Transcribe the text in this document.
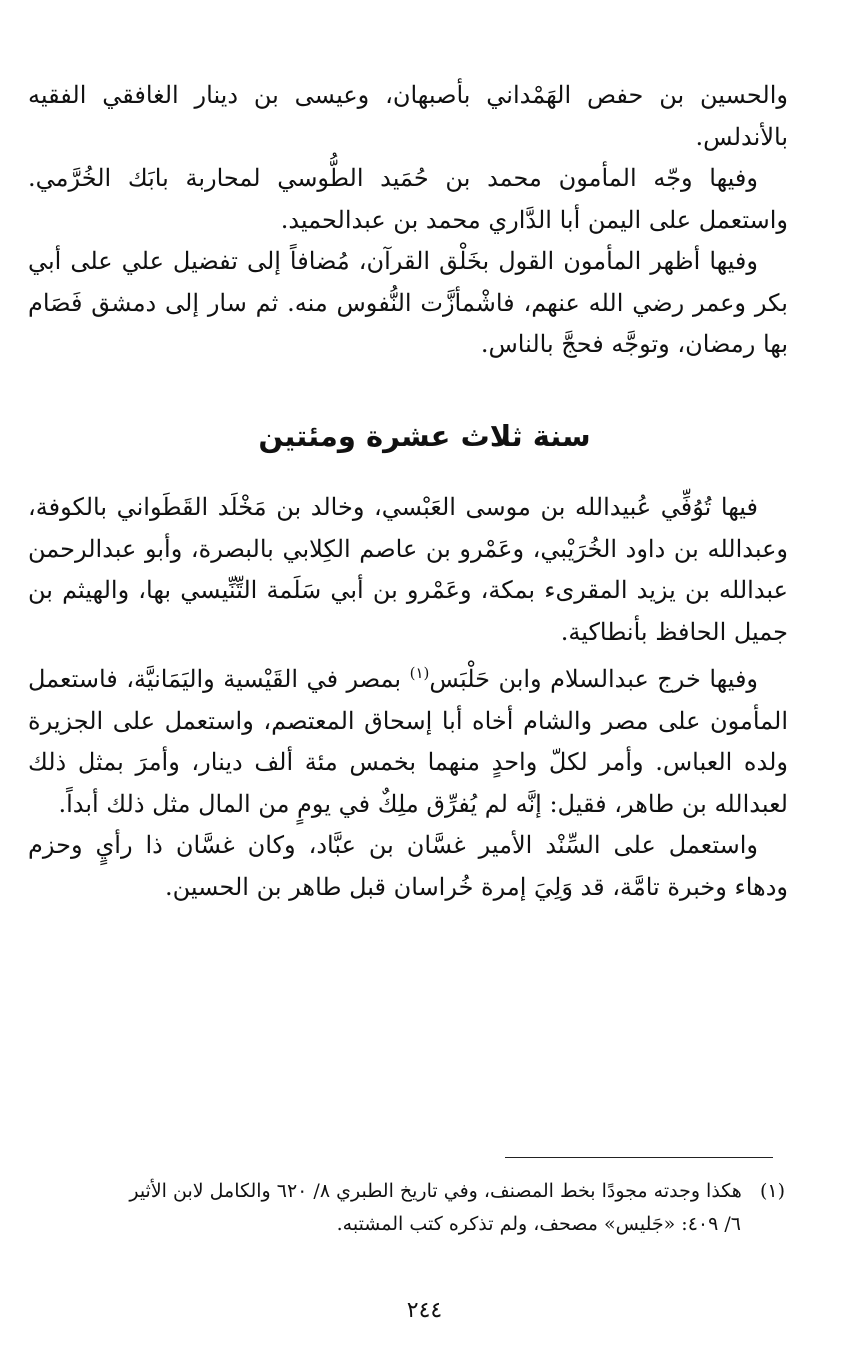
والحسين بن حفص الهَمْداني بأصبهان، وعيسى بن دينار الغافقي الفقيه بالأندلس.

وفيها وجّه المأمون محمد بن حُمَيد الطُّوسي لمحاربة بابَك الخُرَّمي. واستعمل على اليمن أبا الدَّاري محمد بن عبدالحميد.

وفيها أظهر المأمون القول بخَلْق القرآن، مُضافاً إلى تفضيل علي على أبي بكر وعمر رضي الله عنهم، فاشْمأزَّت النُّفوس منه. ثم سار إلى دمشق فَصَام بها رمضان، وتوجَّه فحجَّ بالناس.

سنة ثلاث عشرة ومئتين

فيها تُوُفِّي عُبيدالله بن موسى العَبْسي، وخالد بن مَخْلَد القَطَواني بالكوفة، وعبدالله بن داود الخُرَيْبي، وعَمْرو بن عاصم الكِلابي بالبصرة، وأبو عبدالرحمن عبدالله بن يزيد المقرىء بمكة، وعَمْرو بن أبي سَلَمة التِّنِّيسي بها، والهيثم بن جميل الحافظ بأنطاكية.

وفيها خرج عبدالسلام وابن حَلْبَس$^{(١)}$ بمصر في القَيْسية واليَمَانيَّة، فاستعمل المأمون على مصر والشام أخاه أبا إسحاق المعتصم، واستعمل على الجزيرة ولده العباس. وأمر لكلّ واحدٍ منهما بخمس مئة ألف دينار، وأمرَ بمثل ذلك لعبدالله بن طاهر، فقيل: إنَّه لم يُفرِّق ملِكٌ في يومٍ من المال مثل ذلك أبداً.

واستعمل على السِّنْد الأمير غسَّان بن عبَّاد، وكان غسَّان ذا رأيٍ وحزم ودهاء وخبرة تامَّة، قد وَلِيَ إمرة خُراسان قبل طاهر بن الحسين.

(١)   هكذا وجدته مجودًا بخط المصنف، وفي تاريخ الطبري ٨/ ٦٢٠ والكامل لابن الأثير

٦/ ٤٠٩: «جَليس» مصحف، ولم تذكره كتب المشتبه.

٢٤٤
